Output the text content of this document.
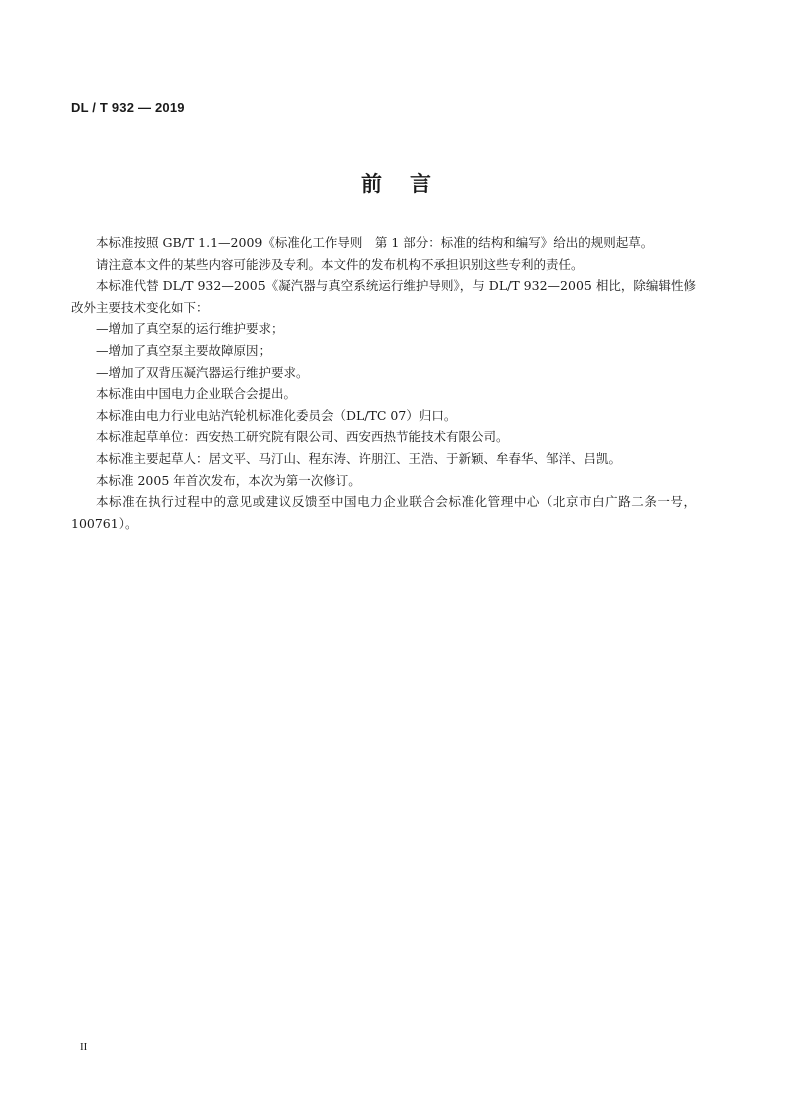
DL / T 932 — 2019
前言

本标准按照 GB/T 1.1—2009《标准化工作导则　第 1 部分：标准的结构和编写》给出的规则起草。

请注意本文件的某些内容可能涉及专利。本文件的发布机构不承担识别这些专利的责任。

本标准代替 DL/T 932—2005《凝汽器与真空系统运行维护导则》，与 DL/T 932—2005 相比，除编辑性修改外主要技术变化如下：

—增加了真空泵的运行维护要求；

—增加了真空泵主要故障原因；

—增加了双背压凝汽器运行维护要求。

本标准由中国电力企业联合会提出。

本标准由电力行业电站汽轮机标准化委员会（DL/TC 07）归口。

本标准起草单位：西安热工研究院有限公司、西安西热节能技术有限公司。

本标准主要起草人：居文平、马汀山、程东涛、许朋江、王浩、于新颖、牟春华、邹洋、吕凯。

本标准 2005 年首次发布，本次为第一次修订。

本标准在执行过程中的意见或建议反馈至中国电力企业联合会标准化管理中心（北京市白广路二条一号，100761）。

II
